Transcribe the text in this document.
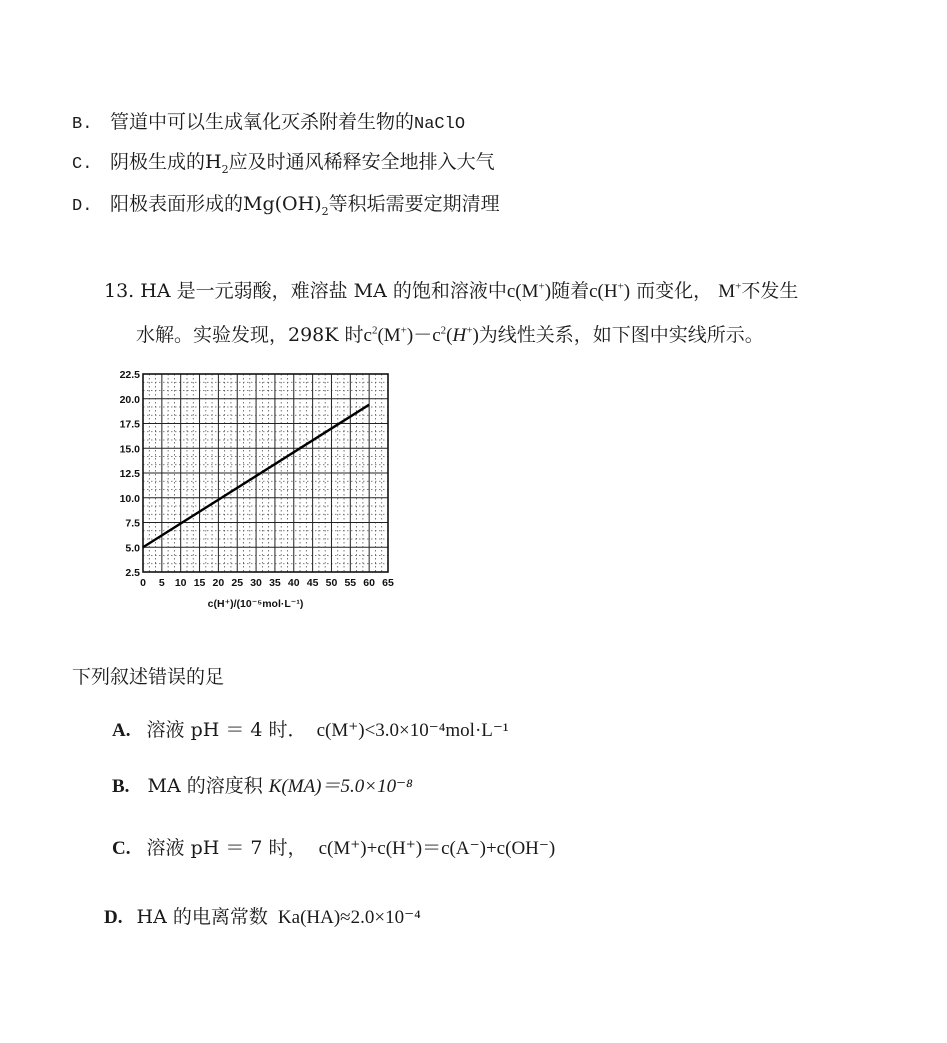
B. 管道中可以生成氧化灭杀附着生物的NaClO
C. 阴极生成的$H_2$应及时通风稀释安全地排入大气
D. 阳极表面形成的$Mg(OH)_2$等积垢需要定期清理
13. HA 是一元弱酸，难溶盐 MA 的饱和溶液中c(M+)随着c(H+) 而变化， M+不发生
水解。实验发现，298K 时$c^2(M^+)-c^2(H^+)$为线性关系，如下图中实线所示。
2.5
5.0
7.5
10.0
12.5
15.0
17.5
20.0
22.5
0 5 10 15 20 25 30 35 40 45 50 55 60 65
c(H⁺)/(10⁻⁵mol·L⁻¹)
下列叙述错误的足
A. 溶液 pH ＝ 4 时． c(M⁺)<3.0×10⁻⁴mol·L⁻¹
B. MA 的溶度积 K(MA)＝5.0×10⁻⁸
C. 溶液 pH ＝ 7 时， c(M⁺)+c(H⁺)＝c(A⁻)+c(OH⁻)
D. HA 的电离常数 Ka(HA)≈2.0×10⁻⁴
